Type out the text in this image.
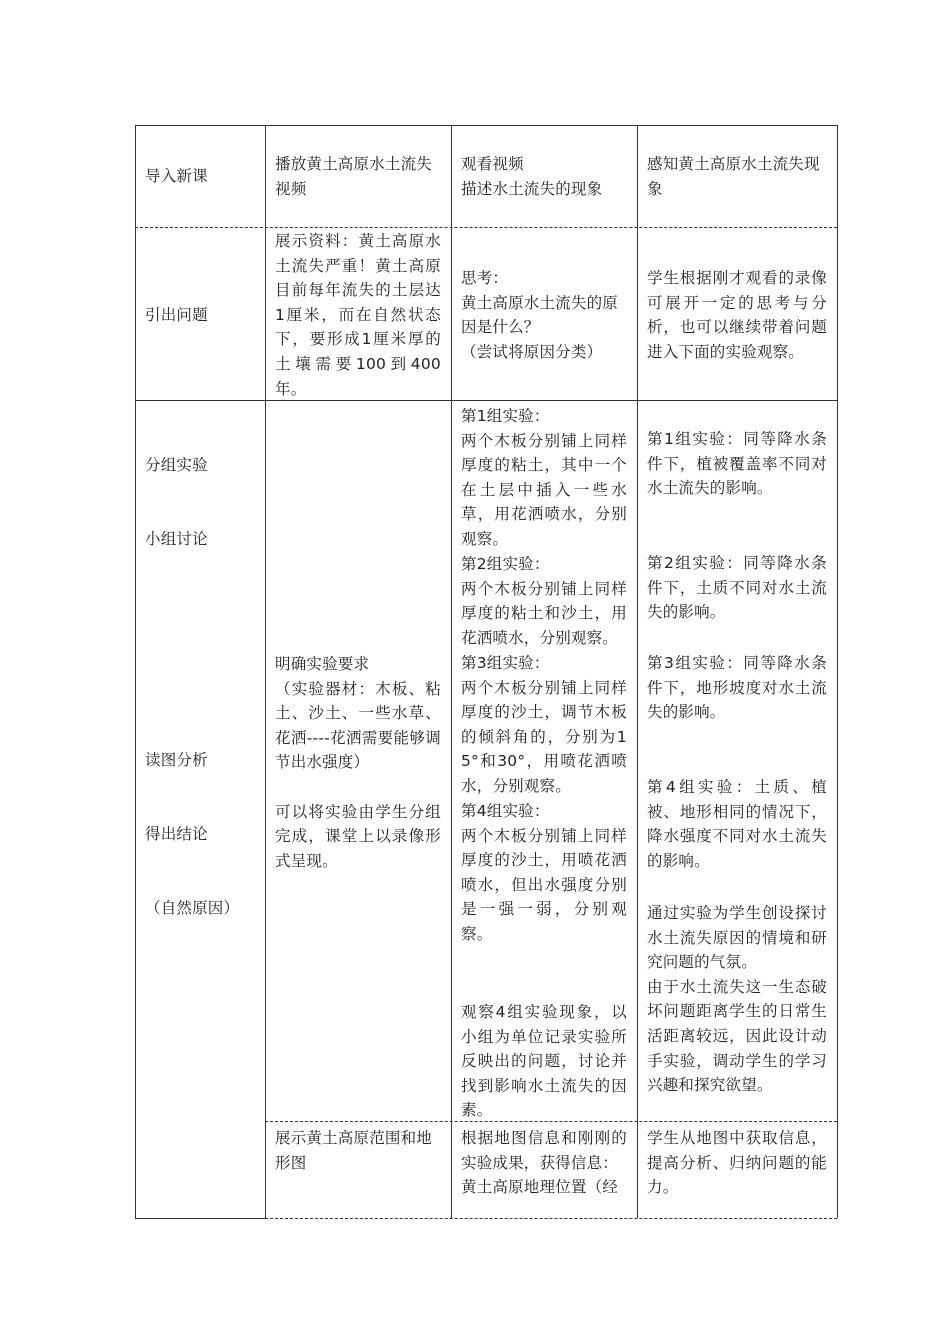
导入新课
播放黄土高原水土流失视频
观看视频
描述水土流失的现象
感知黄土高原水土流失现象
引出问题
展示资料：黄土高原水土流失严重！黄土高原目前每年流失的土层达1厘米，而在自然状态下，要形成1厘米厚的土壤需要100到400年。
思考：
黄土高原水土流失的原因是什么？
（尝试将原因分类）
学生根据刚才观看的录像可展开一定的思考与分析，也可以继续带着问题进入下面的实验观察。

分组实验

小组讨论

读图分析

得出结论

（自然原因）

明确实验要求
（实验器材：木板、粘土、沙土、一些水草、花洒----花洒需要能够调节出水强度）

可以将实验由学生分组完成，课堂上以录像形式呈现。
第1组实验：
两个木板分别铺上同样厚度的粘土，其中一个在土层中插入一些水草，用花洒喷水，分别观察。
第2组实验：
两个木板分别铺上同样厚度的粘土和沙土，用花洒喷水，分别观察。
第3组实验：
两个木板分别铺上同样厚度的沙土，调节木板的倾斜角的，分别为15°和30°，用喷花洒喷水，分别观察。
第4组实验：
两个木板分别铺上同样厚度的沙土，用喷花洒喷水，但出水强度分别是一强一弱，分别观察。
观察4组实验现象，以小组为单位记录实验所反映出的问题，讨论并找到影响水土流失的因素。
第1组实验：同等降水条件下，植被覆盖率不同对水土流失的影响。
第2组实验：同等降水条件下，土质不同对水土流失的影响。
第3组实验：同等降水条件下，地形坡度对水土流失的影响。
第4组实验：土质、植被、地形相同的情况下，降水强度不同对水土流失的影响。
通过实验为学生创设探讨水土流失原因的情境和研究问题的气氛。
由于水土流失这一生态破坏问题距离学生的日常生活距离较远，因此设计动手实验，调动学生的学习兴趣和探究欲望。
展示黄土高原范围和地形图
根据地图信息和刚刚的实验成果，获得信息：
黄土高原地理位置（经
学生从地图中获取信息，提高分析、归纳问题的能力。
